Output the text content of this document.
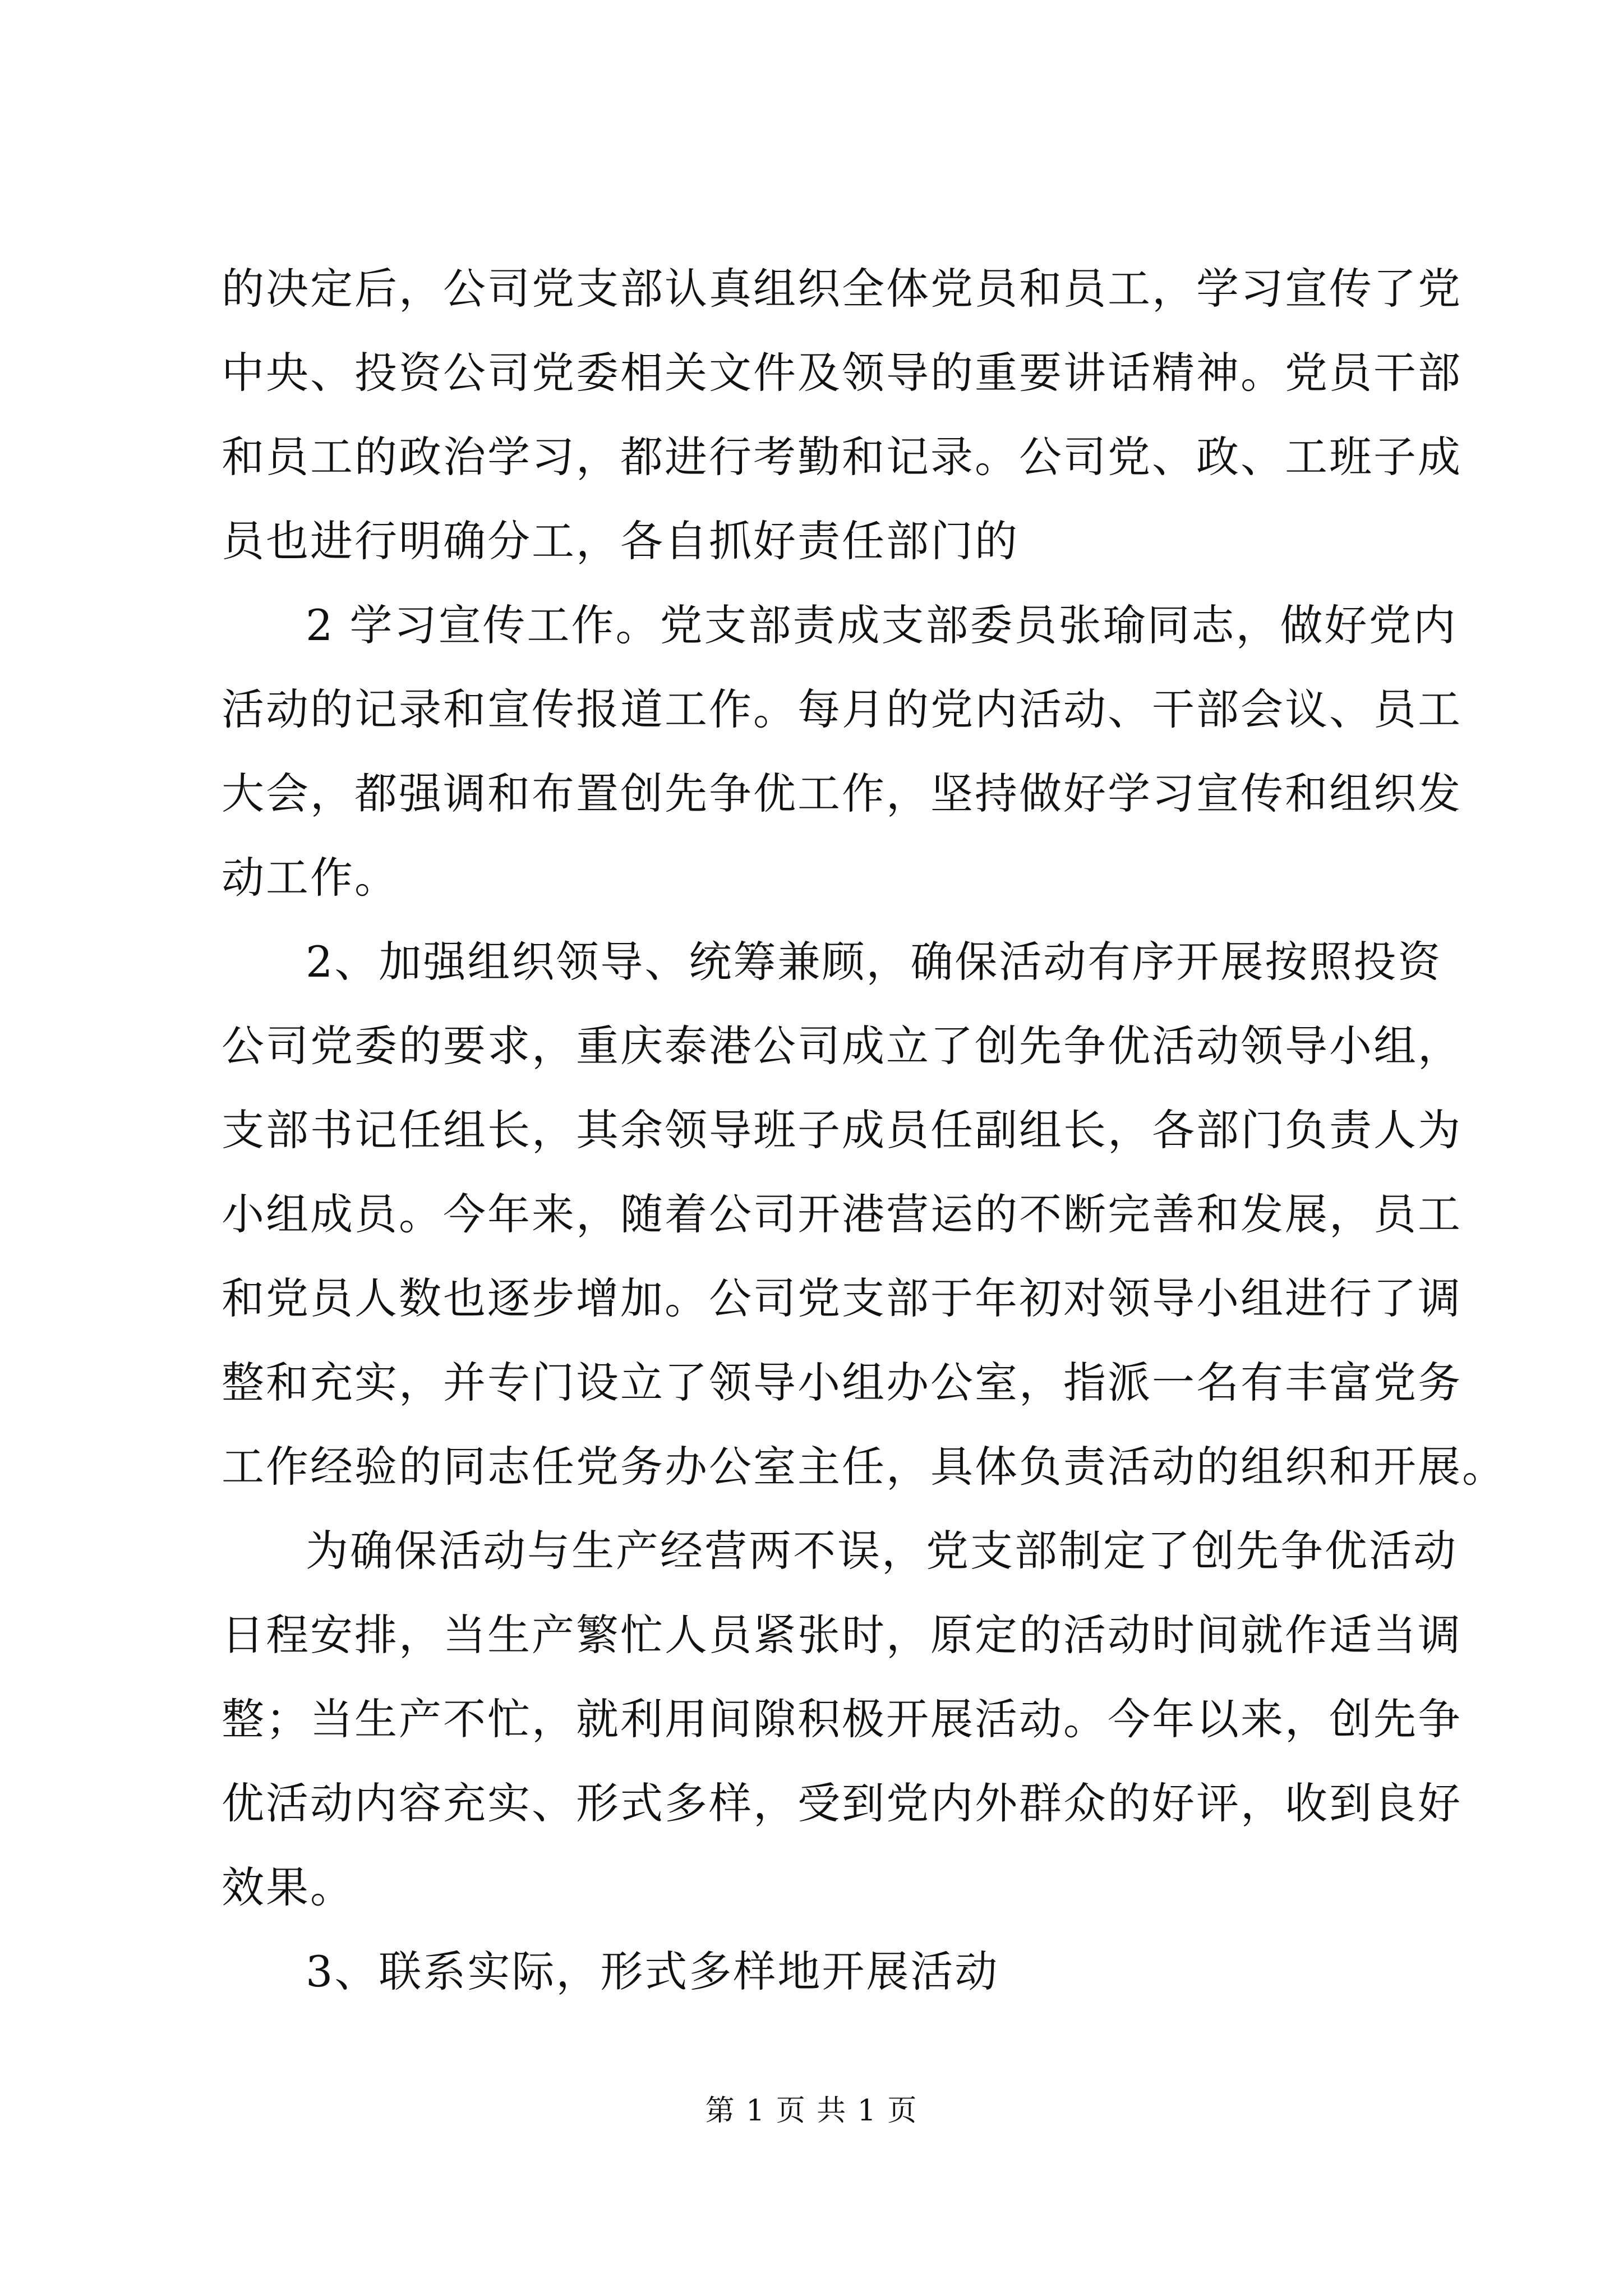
的决定后，公司党支部认真组织全体党员和员工，学习宣传了党
中央、投资公司党委相关文件及领导的重要讲话精神。党员干部
和员工的政治学习，都进行考勤和记录。公司党、政、工班子成
员也进行明确分工，各自抓好责任部门的
2 学习宣传工作。党支部责成支部委员张瑜同志，做好党内
活动的记录和宣传报道工作。每月的党内活动、干部会议、员工
大会，都强调和布置创先争优工作，坚持做好学习宣传和组织发
动工作。
2、加强组织领导、统筹兼顾，确保活动有序开展按照投资
公司党委的要求，重庆泰港公司成立了创先争优活动领导小组，
支部书记任组长，其余领导班子成员任副组长，各部门负责人为
小组成员。今年来，随着公司开港营运的不断完善和发展，员工
和党员人数也逐步增加。公司党支部于年初对领导小组进行了调
整和充实，并专门设立了领导小组办公室，指派一名有丰富党务
工作经验的同志任党务办公室主任，具体负责活动的组织和开展。
为确保活动与生产经营两不误，党支部制定了创先争优活动
日程安排，当生产繁忙人员紧张时，原定的活动时间就作适当调
整；当生产不忙，就利用间隙积极开展活动。今年以来，创先争
优活动内容充实、形式多样，受到党内外群众的好评，收到良好
效果。
3、联系实际，形式多样地开展活动
第 1 页 共 1 页
